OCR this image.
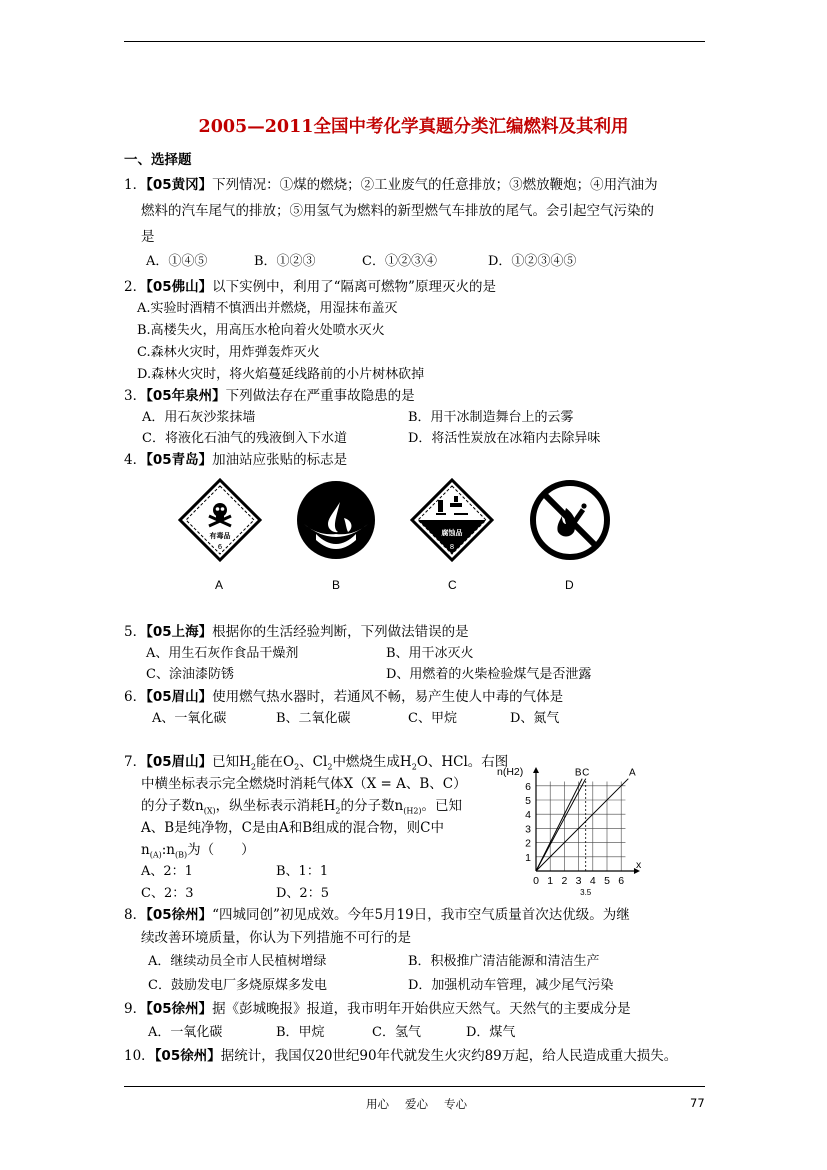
2005—2011全国中考化学真题分类汇编燃料及其利用
一、选择题
1．【05黄冈】下列情况：①煤的燃烧；②工业废气的任意排放；③燃放鞭炮；④用汽油为
燃料的汽车尾气的排放；⑤用氢气为燃料的新型燃气车排放的尾气。会引起空气污染的
是
A．①④⑤	B．①②③	C．①②③④	D．①②③④⑤
2．【05佛山】以下实例中，利用了“隔离可燃物”原理灭火的是
A.实验时酒精不慎洒出并燃烧，用湿抹布盖灭
B.高楼失火，用高压水枪向着火处喷水灭火
C.森林火灾时，用炸弹轰炸灭火
D.森林火灾时，将火焰蔓延线路前的小片树林砍掉
3．【05年泉州】下列做法存在严重事故隐患的是
A．用石灰沙浆抹墙	B．用干冰制造舞台上的云雾
C．将液化石油气的残液倒入下水道	D．将活性炭放在冰箱内去除异味
4．【05青岛】加油站应张贴的标志是
有毒品
6
腐蚀品
8
A	B	C	D
5．【05上海】根据你的生活经验判断，下列做法错误的是
A、用生石灰作食品干燥剂	B、用干冰灭火
C、涂油漆防锈	D、用燃着的火柴检验煤气是否泄露
6．【05眉山】使用燃气热水器时，若通风不畅，易产生使人中毒的气体是
A、一氧化碳	B、二氧化碳	C、甲烷	D、氮气
7．【05眉山】已知$H_2$能在$O_2$、$Cl_2$中燃烧生成$H_2O$、HCl。右图
中横坐标表示完全燃烧时消耗气体X（X = A、B、C）
的分子数$n_{(X)}$，纵坐标表示消耗$H_2$的分子数$n_{(H2)}$。已知
A、B是纯净物，C是由A和B组成的混合物，则C中
$n_{(A)}:n_{(B)}$为（　　）
A、2：1	B、1：1
C、2：3	D、2：5
A
B C
0 1 2 3 4 5 6
1
2
3
4
5
6
n(H2)
x
3.5
8．【05徐州】“四城同创”初见成效。今年5月19日，我市空气质量首次达优级。为继
续改善环境质量，你认为下列措施不可行的是
A．继续动员全市人民植树增绿	B．积极推广清洁能源和清洁生产
C．鼓励发电厂多烧原煤多发电	D．加强机动车管理，减少尾气污染
9．【05徐州】据《彭城晚报》报道，我市明年开始供应天然气。天然气的主要成分是
A．一氧化碳	B．甲烷	C．氢气	D．煤气
10．【05徐州】据统计，我国仅20世纪90年代就发生火灾约89万起，给人民造成重大损失。
用心 爱心 专心	77
